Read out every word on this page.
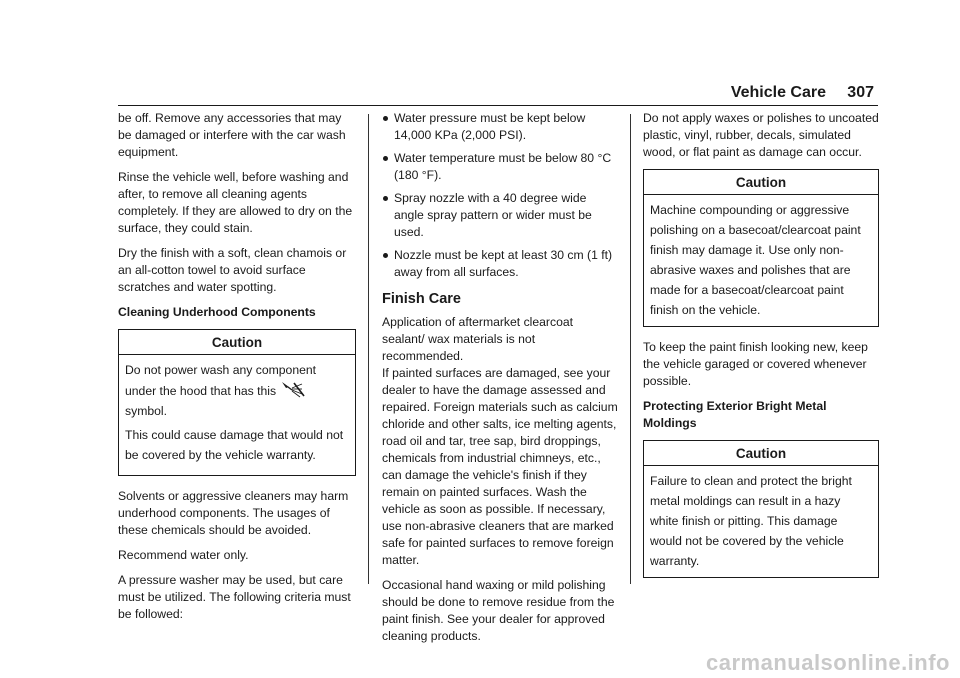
Vehicle Care 307

be off. Remove any accessories that may be damaged or interfere with the car wash equipment.

Rinse the vehicle well, before washing and after, to remove all cleaning agents completely. If they are allowed to dry on the surface, they could stain.

Dry the finish with a soft, clean chamois or an all-cotton towel to avoid surface scratches and water spotting.

Cleaning Underhood Components
Caution

Do not power wash any component under the hood that has this  symbol.

This could cause damage that would not be covered by the vehicle warranty.

Solvents or aggressive cleaners may harm underhood components. The usages of these chemicals should be avoided.

Recommend water only.

A pressure washer may be used, but care must be utilized. The following criteria must be followed:

Water pressure must be kept below 14,000 KPa (2,000 PSI).
Water temperature must be below 80 °C (180 °F).
Spray nozzle with a 40 degree wide angle spray pattern or wider must be used.
Nozzle must be kept at least 30 cm (1 ft) away from all surfaces.
Finish Care

Application of aftermarket clearcoat sealant/ wax materials is not recommended.

If painted surfaces are damaged, see your dealer to have the damage assessed and repaired. Foreign materials such as calcium chloride and other salts, ice melting agents, road oil and tar, tree sap, bird droppings, chemicals from industrial chimneys, etc., can damage the vehicle's finish if they remain on painted surfaces. Wash the vehicle as soon as possible. If necessary, use non-abrasive cleaners that are marked safe for painted surfaces to remove foreign matter.

Occasional hand waxing or mild polishing should be done to remove residue from the paint finish. See your dealer for approved cleaning products.

Do not apply waxes or polishes to uncoated plastic, vinyl, rubber, decals, simulated wood, or flat paint as damage can occur.

Caution
Machine compounding or aggressive polishing on a basecoat/clearcoat paint finish may damage it. Use only non-abrasive waxes and polishes that are made for a basecoat/clearcoat paint finish on the vehicle.

To keep the paint finish looking new, keep the vehicle garaged or covered whenever possible.

Protecting Exterior Bright Metal Moldings
Caution
Failure to clean and protect the bright metal moldings can result in a hazy white finish or pitting. This damage would not be covered by the vehicle warranty.
carmanualsonline.info
